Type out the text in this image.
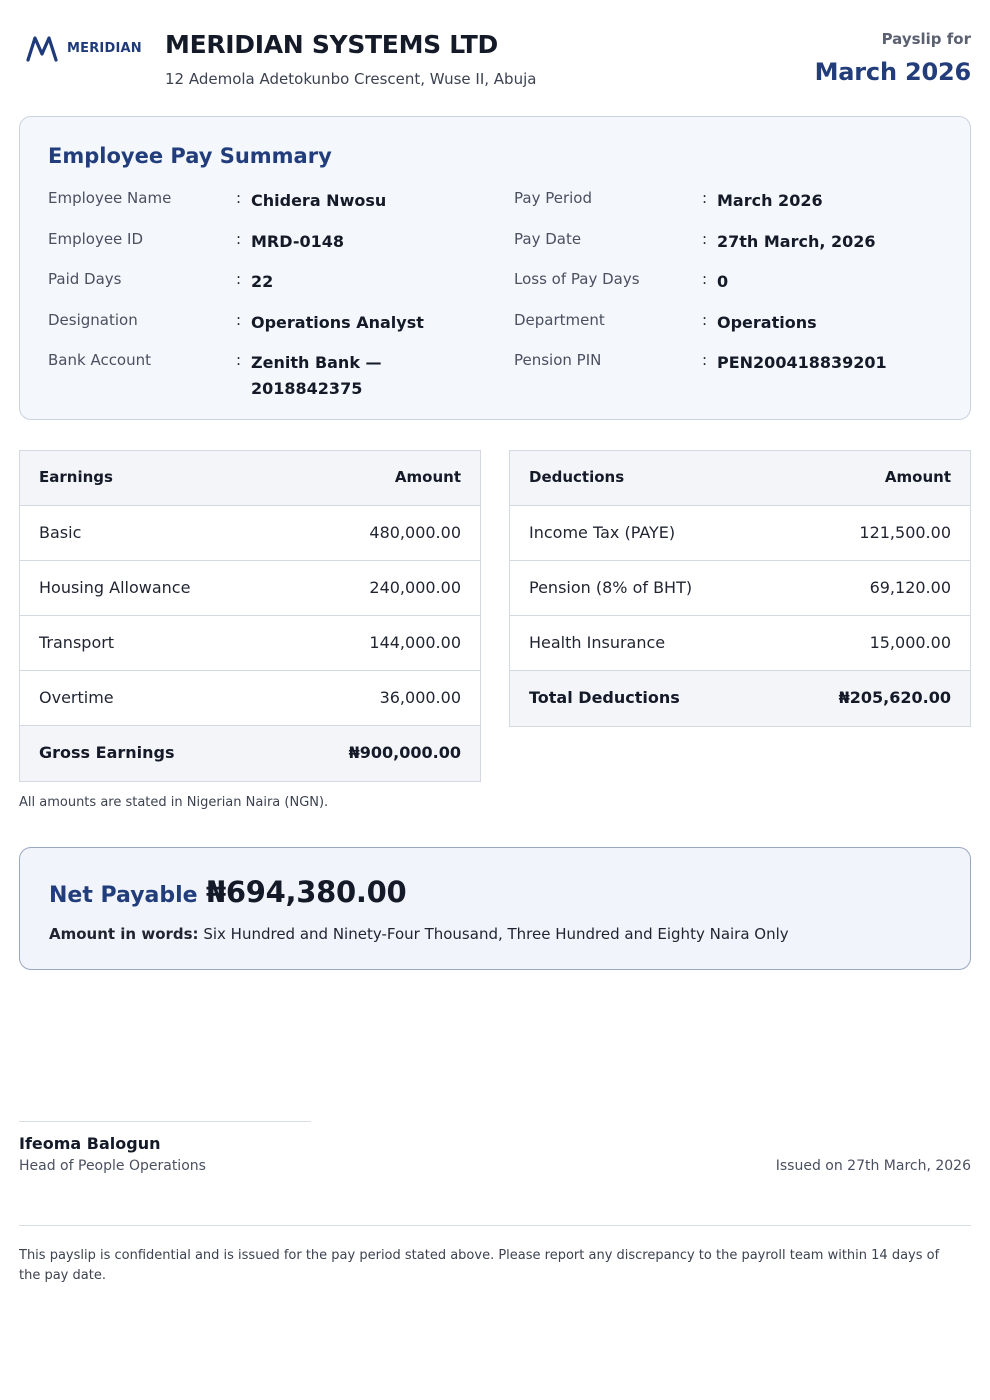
MERIDIAN MERIDIAN SYSTEMS LTD
12 Ademola Adetokunbo Crescent, Wuse II, Abuja
Payslip for
March 2026
Employee Pay Summary
Employee Name	: Chidera Nwosu
Employee ID	: MRD-0148
Paid Days	: 22
Designation	: Operations Analyst
Bank Account	: Zenith Bank — 2018842375
Pay Period	: March 2026
Pay Date	: 27th March, 2026
Loss of Pay Days	: 0
Department	: Operations
Pension PIN	: PEN200418839201
Earnings	Amount
Basic	480,000.00
Housing Allowance	240,000.00
Transport	144,000.00
Overtime	36,000.00
Gross Earnings	₦900,000.00
Deductions	Amount
Income Tax (PAYE)	121,500.00
Pension (8% of BHT)	69,120.00
Health Insurance	15,000.00
Total Deductions	₦205,620.00
All amounts are stated in Nigerian Naira (NGN).
Net Payable ₦694,380.00
Amount in words: Six Hundred and Ninety-Four Thousand, Three Hundred and Eighty Naira Only
Ifeoma Balogun
Head of People Operations	Issued on 27th March, 2026
This payslip is confidential and is issued for the pay period stated above. Please report any discrepancy to the payroll team within 14 days of the pay date.
